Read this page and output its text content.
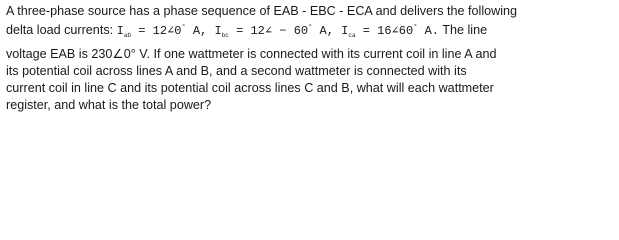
A three-phase source has a phase sequence of EAB - EBC - ECA and delivers the following
delta load currents: $I_{ab}$ = 12∠0° A, $I_{bc}$ = 12∠ − 60° A, $I_{ca}$ = 16∠60° A. The line
voltage EAB is 230∠0° V. If one wattmeter is connected with its current coil in line A and
its potential coil across lines A and B, and a second wattmeter is connected with its
current coil in line C and its potential coil across lines C and B, what will each wattmeter
register, and what is the total power?
